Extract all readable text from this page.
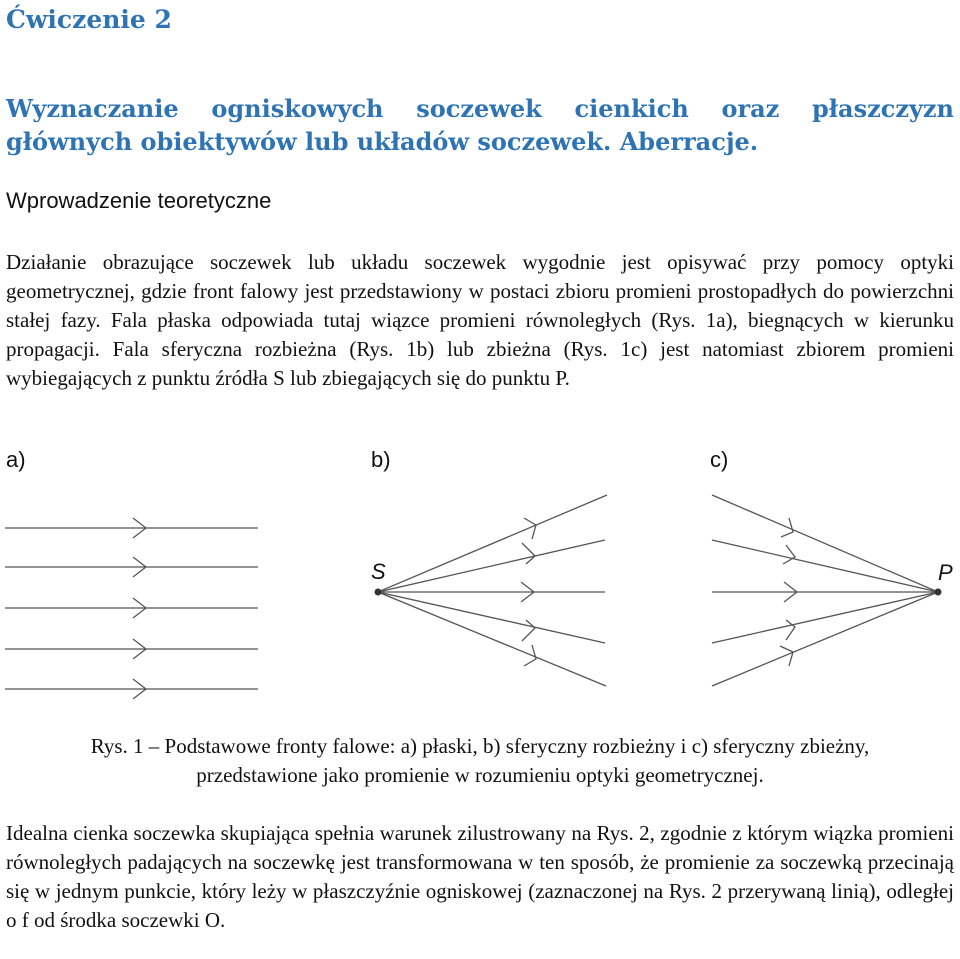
Ćwiczenie 2
Wyznaczanie ogniskowych soczewek cienkich oraz płaszczyzn głównych obiektywów lub układów soczewek. Aberracje.
Wprowadzenie teoretyczne
Działanie obrazujące soczewek lub układu soczewek wygodnie jest opisywać przy pomocy optyki geometrycznej, gdzie front falowy jest przedstawiony w postaci zbioru promieni prostopadłych do powierzchni stałej fazy. Fala płaska odpowiada tutaj wiązce promieni równoległych (Rys. 1a), biegnących w kierunku propagacji. Fala sferyczna rozbieżna (Rys. 1b) lub zbieżna (Rys. 1c) jest natomiast zbiorem promieni wybiegających z punktu źródła S lub zbiegających się do punktu P.
a)	b)	c)
S	P
Rys. 1 – Podstawowe fronty falowe: a) płaski, b) sferyczny rozbieżny i c) sferyczny zbieżny,
przedstawione jako promienie w rozumieniu optyki geometrycznej.
Idealna cienka soczewka skupiająca spełnia warunek zilustrowany na Rys. 2, zgodnie z którym wiązka promieni równoległych padających na soczewkę jest transformowana w ten sposób, że promienie za soczewką przecinają się w jednym punkcie, który leży w płaszczyźnie ogniskowej (zaznaczonej na Rys. 2 przerywaną linią), odległej o f od środka soczewki O.
